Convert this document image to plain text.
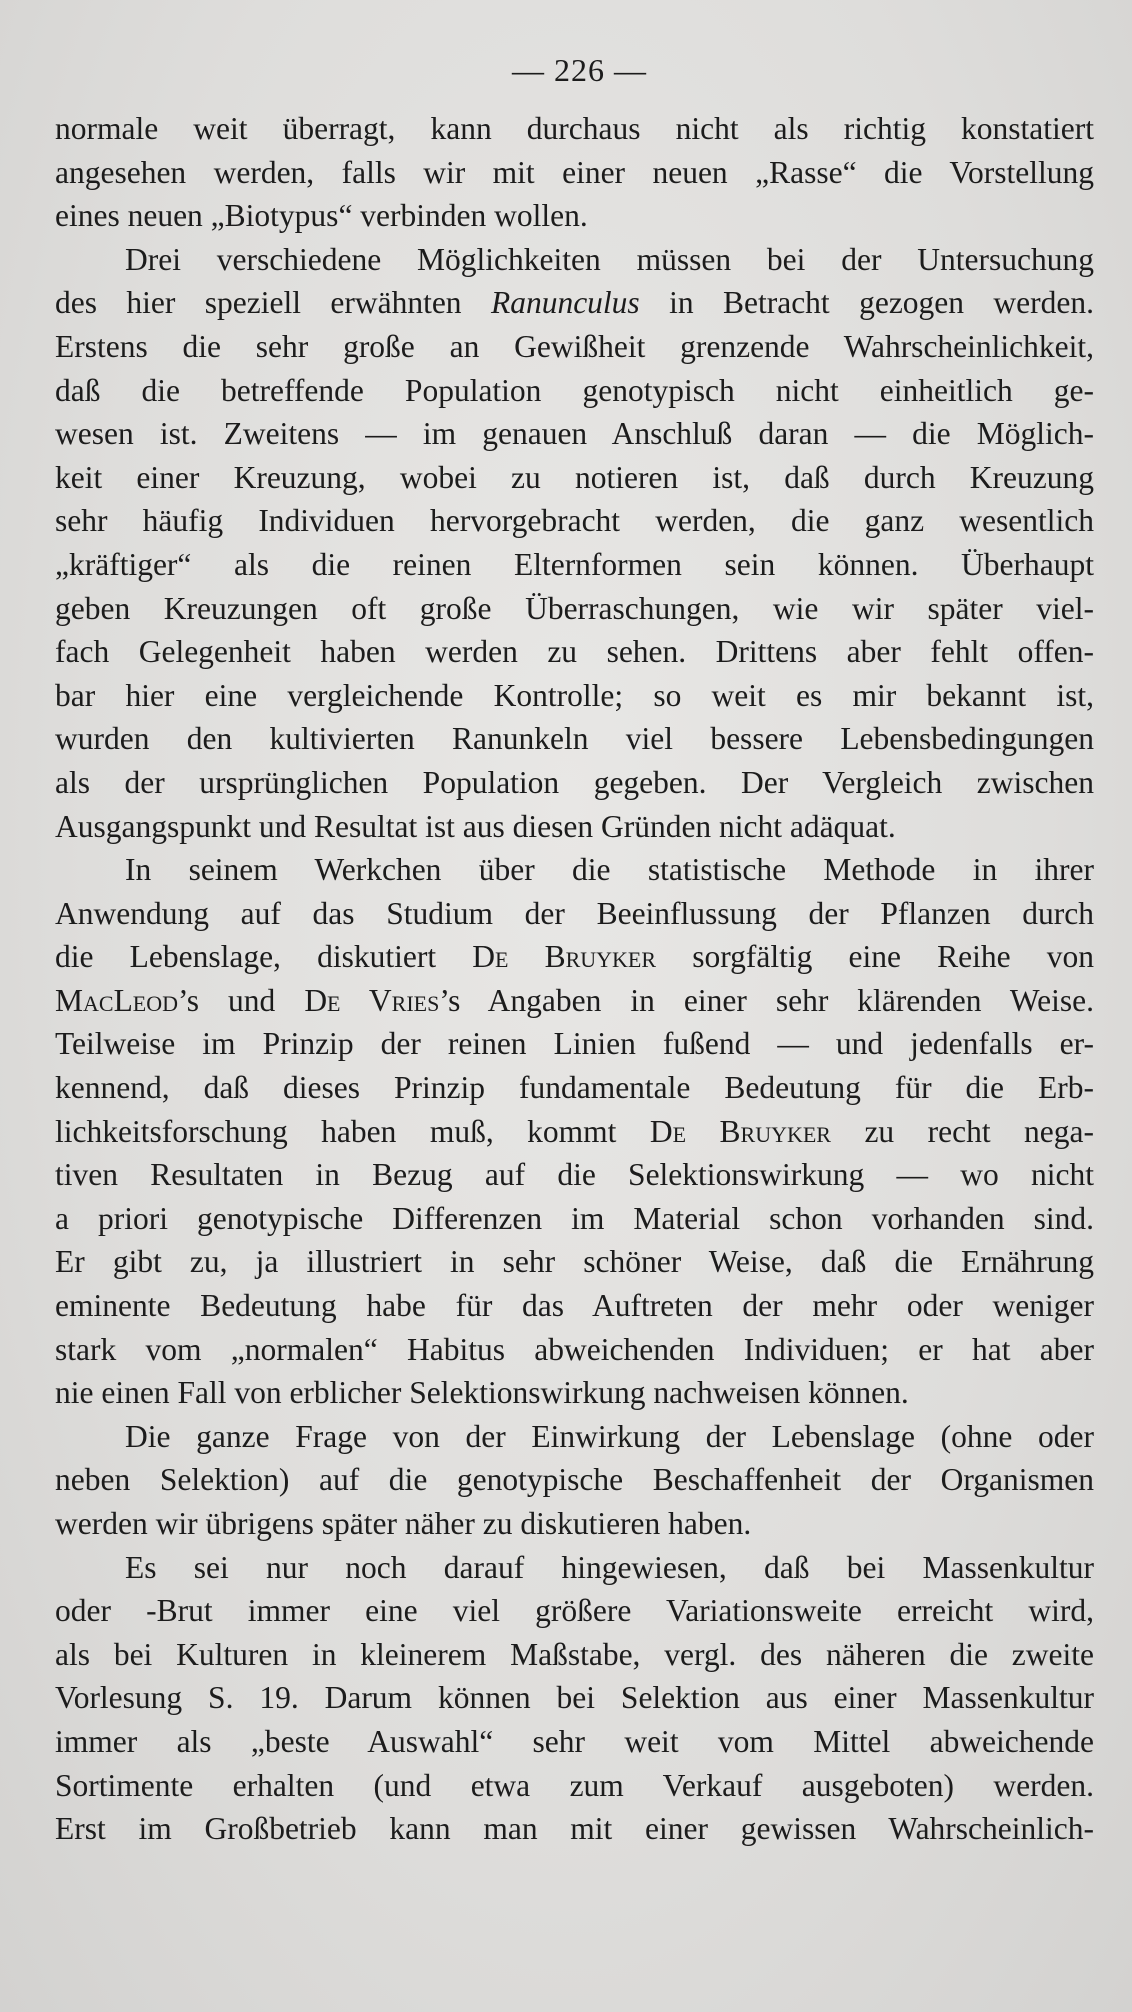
— 226 —
normale weit überragt, kann durchaus nicht als richtig konstatiert
angesehen werden, falls wir mit einer neuen „Rasse“ die Vorstellung
eines neuen „Biotypus“ verbinden wollen.
Drei verschiedene Möglichkeiten müssen bei der Untersuchung
des hier speziell erwähnten Ranunculus in Betracht gezogen werden.
Erstens die sehr große an Gewißheit grenzende Wahrscheinlichkeit,
daß die betreffende Population genotypisch nicht einheitlich ge-
wesen ist. Zweitens — im genauen Anschluß daran — die Möglich-
keit einer Kreuzung, wobei zu notieren ist, daß durch Kreuzung
sehr häufig Individuen hervorgebracht werden, die ganz wesentlich
„kräftiger“ als die reinen Elternformen sein können. Überhaupt
geben Kreuzungen oft große Überraschungen, wie wir später viel-
fach Gelegenheit haben werden zu sehen. Drittens aber fehlt offen-
bar hier eine vergleichende Kontrolle; so weit es mir bekannt ist,
wurden den kultivierten Ranunkeln viel bessere Lebensbedingungen
als der ursprünglichen Population gegeben. Der Vergleich zwischen
Ausgangspunkt und Resultat ist aus diesen Gründen nicht adäquat.
In seinem Werkchen über die statistische Methode in ihrer
Anwendung auf das Studium der Beeinflussung der Pflanzen durch
die Lebenslage, diskutiert De Bruyker sorgfältig eine Reihe von
MacLeod’s und De Vries’s Angaben in einer sehr klärenden Weise.
Teilweise im Prinzip der reinen Linien fußend — und jedenfalls er-
kennend, daß dieses Prinzip fundamentale Bedeutung für die Erb-
lichkeitsforschung haben muß, kommt De Bruyker zu recht nega-
tiven Resultaten in Bezug auf die Selektionswirkung — wo nicht
a priori genotypische Differenzen im Material schon vorhanden sind.
Er gibt zu, ja illustriert in sehr schöner Weise, daß die Ernährung
eminente Bedeutung habe für das Auftreten der mehr oder weniger
stark vom „normalen“ Habitus abweichenden Individuen; er hat aber
nie einen Fall von erblicher Selektionswirkung nachweisen können.
Die ganze Frage von der Einwirkung der Lebenslage (ohne oder
neben Selektion) auf die genotypische Beschaffenheit der Organismen
werden wir übrigens später näher zu diskutieren haben.
Es sei nur noch darauf hingewiesen, daß bei Massenkultur
oder -Brut immer eine viel größere Variationsweite erreicht wird,
als bei Kulturen in kleinerem Maßstabe, vergl. des näheren die zweite
Vorlesung S. 19. Darum können bei Selektion aus einer Massenkultur
immer als „beste Auswahl“ sehr weit vom Mittel abweichende
Sortimente erhalten (und etwa zum Verkauf ausgeboten) werden.
Erst im Großbetrieb kann man mit einer gewissen Wahrscheinlich-
